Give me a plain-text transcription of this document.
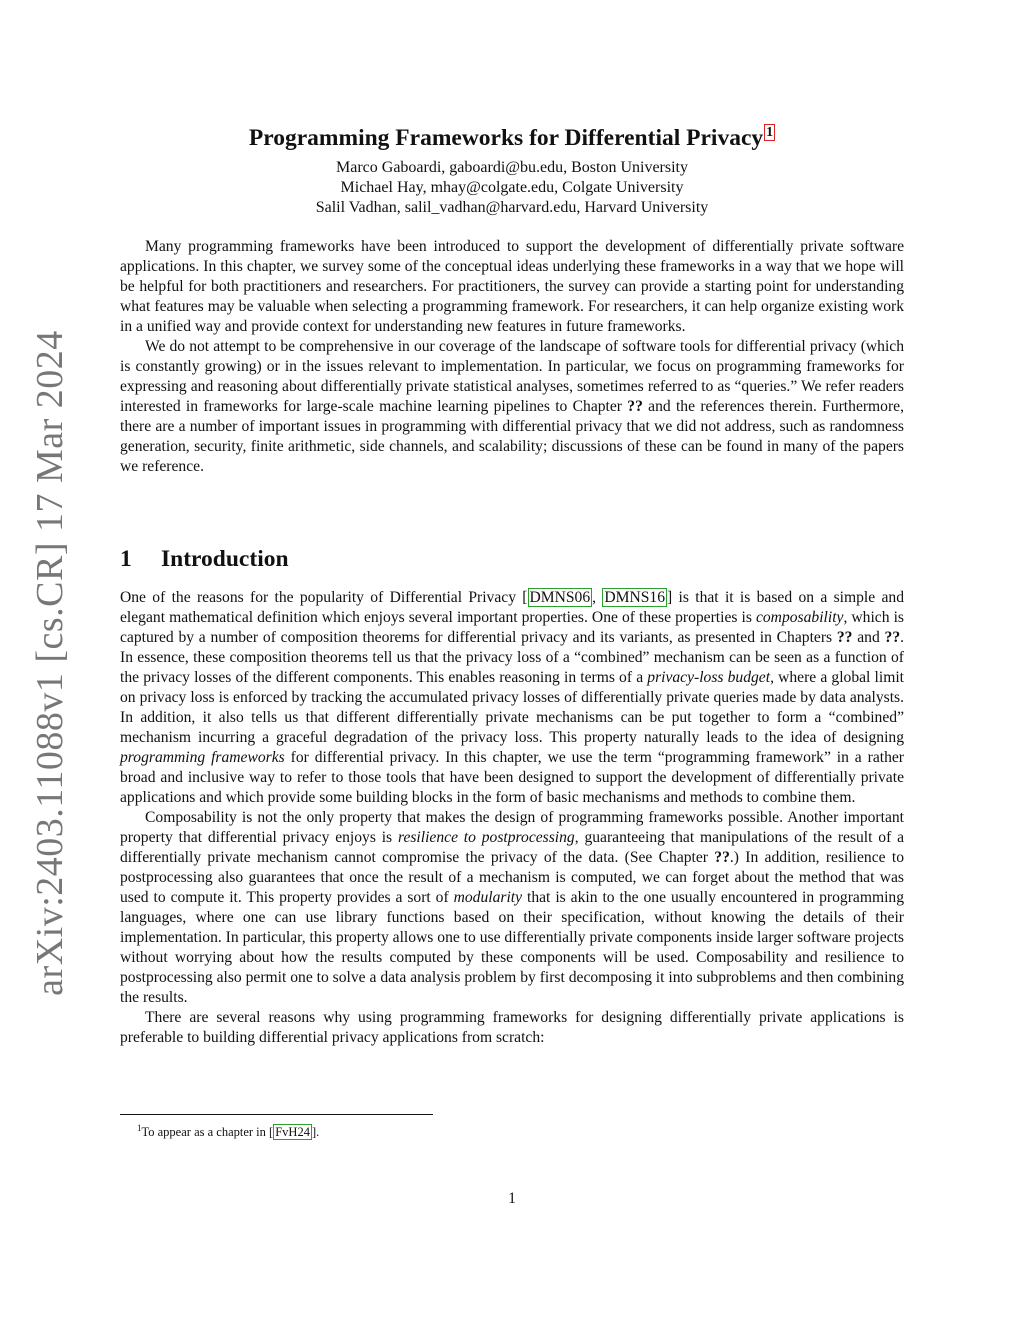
arXiv:2403.11088v1 [cs.CR] 17 Mar 2024
Programming Frameworks for Differential Privacy $^1$
Marco Gaboardi, gaboardi@bu.edu, Boston University
Michael Hay, mhay@colgate.edu, Colgate University
Salil Vadhan, salil_vadhan@harvard.edu, Harvard University

Many programming frameworks have been introduced to support the development of differentially private software applications. In this chapter, we survey some of the conceptual ideas underlying these frameworks in a way that we hope will be helpful for both practitioners and researchers. For practitioners, the survey can provide a starting point for understanding what features may be valuable when selecting a programming framework. For researchers, it can help organize existing work in a unified way and provide context for understanding new features in future frameworks.

We do not attempt to be comprehensive in our coverage of the landscape of software tools for differential privacy (which is constantly growing) or in the issues relevant to implementation. In particular, we focus on programming frameworks for expressing and reasoning about differentially private statistical analyses, sometimes referred to as “queries.” We refer readers interested in frameworks for large-scale machine learning pipelines to Chapter ?? and the references therein. Furthermore, there are a number of important issues in programming with differential privacy that we did not address, such as randomness generation, security, finite arithmetic, side channels, and scalability; discussions of these can be found in many of the papers we reference.

1 Introduction

One of the reasons for the popularity of Differential Privacy [ DMNS06 , DMNS16 ] is that it is based on a simple and elegant mathematical definition which enjoys several important properties. One of these properties is composability, which is captured by a number of composition theorems for differential privacy and its variants, as presented in Chapters ?? and ??. In essence, these composition theorems tell us that the privacy loss of a “combined” mechanism can be seen as a function of the privacy losses of the different components. This enables reasoning in terms of a privacy-loss budget, where a global limit on privacy loss is enforced by tracking the accumulated privacy losses of differentially private queries made by data analysts. In addition, it also tells us that different differentially private mechanisms can be put together to form a “combined” mechanism incurring a graceful degradation of the privacy loss. This property naturally leads to the idea of designing programming frameworks for differential privacy. In this chapter, we use the term “programming framework” in a rather broad and inclusive way to refer to those tools that have been designed to support the development of differentially private applications and which provide some building blocks in the form of basic mechanisms and methods to combine them.

Composability is not the only property that makes the design of programming frameworks possible. Another important property that differential privacy enjoys is resilience to postprocessing, guaranteeing that manipulations of the result of a differentially private mechanism cannot compromise the privacy of the data. (See Chapter ??.) In addition, resilience to postprocessing also guarantees that once the result of a mechanism is computed, we can forget about the method that was used to compute it. This property provides a sort of modularity that is akin to the one usually encountered in programming languages, where one can use library functions based on their specification, without knowing the details of their implementation. In particular, this property allows one to use differentially private components inside larger software projects without worrying about how the results computed by these components will be used. Composability and resilience to postprocessing also permit one to solve a data analysis problem by first decomposing it into subproblems and then combining the results.

There are several reasons why using programming frameworks for designing differentially private applications is preferable to building differential privacy applications from scratch:

$^1$To appear as a chapter in [ FvH24 ].
1
